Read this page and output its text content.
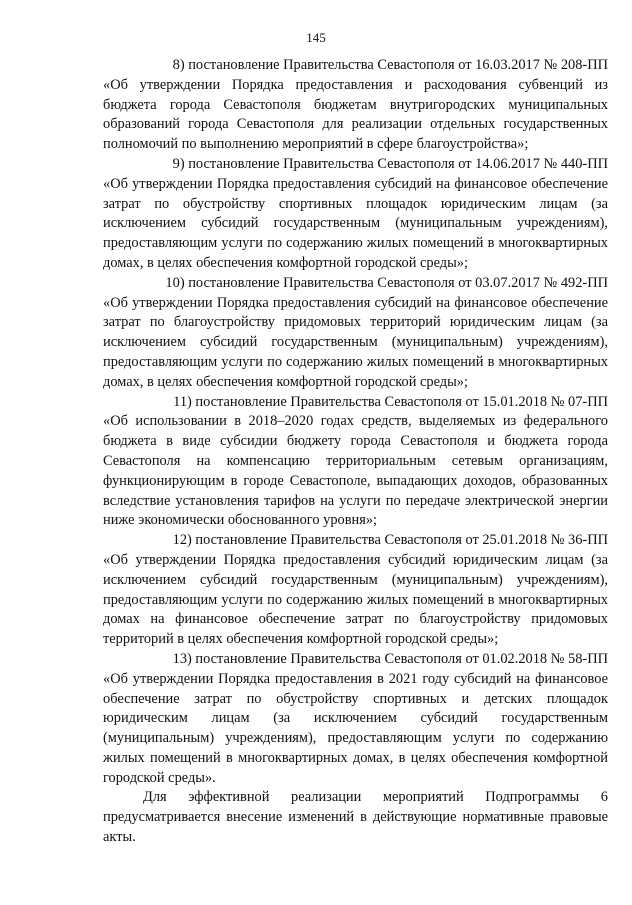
145
8) постановление Правительства Севастополя от 16.03.2017 № 208-ПП
«Об утверждении Порядка предоставления и расходования субвенций из бюджета города Севастополя бюджетам внутригородских муниципальных образований города Севастополя для реализации отдельных государственных полномочий по выполнению мероприятий в сфере благоустройства»;
9) постановление Правительства Севастополя от 14.06.2017 № 440-ПП
«Об утверждении Порядка предоставления субсидий на финансовое обеспечение затрат по обустройству спортивных площадок юридическим лицам (за исключением субсидий государственным (муниципальным учреждениям), предоставляющим услуги по содержанию жилых помещений в многоквартирных домах, в целях обеспечения комфортной городской среды»;
10) постановление Правительства Севастополя от 03.07.2017 № 492-ПП
«Об утверждении Порядка предоставления субсидий на финансовое обеспечение затрат по благоустройству придомовых территорий юридическим лицам (за исключением субсидий государственным (муниципальным) учреждениям), предоставляющим услуги по содержанию жилых помещений в многоквартирных домах, в целях обеспечения комфортной городской среды»;
11) постановление Правительства Севастополя от 15.01.2018 № 07-ПП
«Об использовании в 2018–2020 годах средств, выделяемых из федерального бюджета в виде субсидии бюджету города Севастополя и бюджета города Севастополя на компенсацию территориальным сетевым организациям, функционирующим в городе Севастополе, выпадающих доходов, образованных вследствие установления тарифов на услуги по передаче электрической энергии ниже экономически обоснованного уровня»;
12) постановление Правительства Севастополя от 25.01.2018 № 36-ПП
«Об утверждении Порядка предоставления субсидий юридическим лицам (за исключением субсидий государственным (муниципальным) учреждениям), предоставляющим услуги по содержанию жилых помещений в многоквартирных домах на финансовое обеспечение затрат по благоустройству придомовых территорий в целях обеспечения комфортной городской среды»;
13) постановление Правительства Севастополя от 01.02.2018 № 58-ПП
«Об утверждении Порядка предоставления в 2021 году субсидий на финансовое обеспечение затрат по обустройству спортивных и детских площадок юридическим лицам (за исключением субсидий государственным (муниципальным) учреждениям), предоставляющим услуги по содержанию жилых помещений в многоквартирных домах, в целях обеспечения комфортной городской среды».

Для эффективной реализации мероприятий Подпрограммы 6 предусматривается внесение изменений в действующие нормативные правовые акты.
